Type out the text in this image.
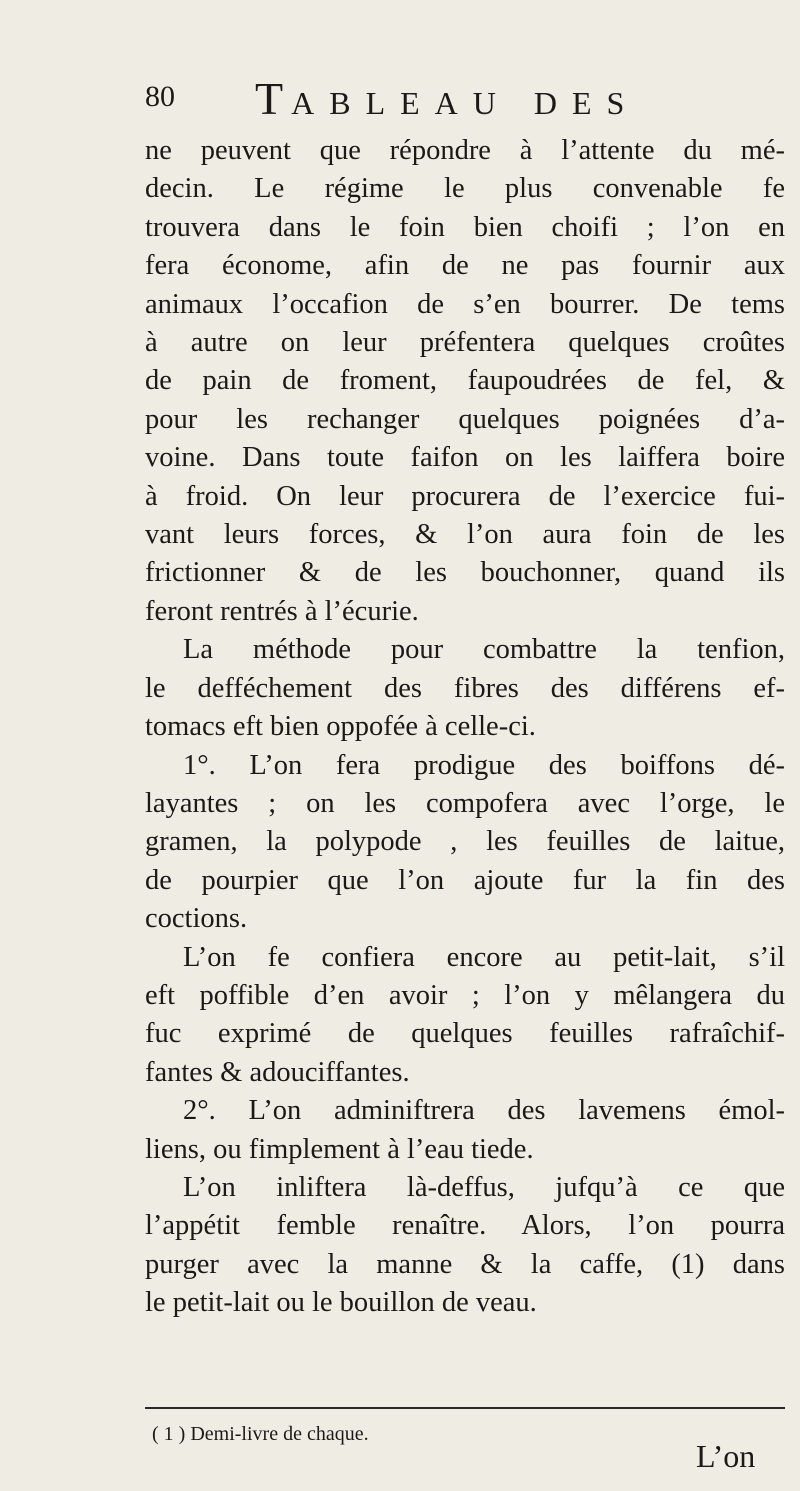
80 TABLEAU DES
ne peuvent que répondre à l’attente du mé-
decin. Le régime le plus convenable fe
trouvera dans le foin bien choifi ; l’on en
fera économe, afin de ne pas fournir aux
animaux l’occafion de s’en bourrer. De tems
à autre on leur préfentera quelques croûtes
de pain de froment, faupoudrées de fel, &
pour les rechanger quelques poignées d’a-
voine. Dans toute faifon on les laiffera boire
à froid. On leur procurera de l’exercice fui-
vant leurs forces, & l’on aura foin de les
frictionner & de les bouchonner, quand ils
feront rentrés à l’écurie.
La méthode pour combattre la tenfion,
le defféchement des fibres des différens ef-
tomacs eft bien oppofée à celle-ci.
1°. L’on fera prodigue des boiffons dé-
layantes ; on les compofera avec l’orge, le
gramen, la polypode , les feuilles de laitue,
de pourpier que l’on ajoute fur la fin des
coctions.
L’on fe confiera encore au petit-lait, s’il
eft poffible d’en avoir ; l’on y mêlangera du
fuc exprimé de quelques feuilles rafraîchif-
fantes & adouciffantes.
2°. L’on adminiftrera des lavemens émol-
liens, ou fimplement à l’eau tiede.
L’on inliftera là-deffus, jufqu’à ce que
l’appétit femble renaître. Alors, l’on pourra
purger avec la manne & la caffe, (1) dans
le petit-lait ou le bouillon de veau.
( 1 ) Demi-livre de chaque.
L’on
